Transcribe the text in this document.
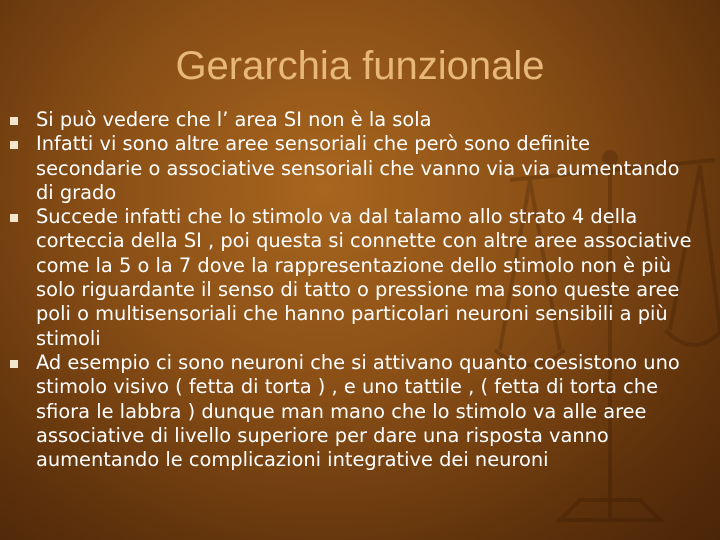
Gerarchia funzionale
Si può vedere che l’ area SI non è la sola
Infatti vi sono altre aree sensoriali che però sono definite secondarie o associative sensoriali che vanno via via aumentando di grado
Succede infatti che lo stimolo va dal talamo allo strato 4 della corteccia della SI , poi questa si connette con altre aree associative come la 5 o la 7 dove la rappresentazione dello stimolo non è più solo riguardante il senso di tatto o pressione ma sono queste aree poli o multisensoriali che hanno particolari neuroni sensibili a più stimoli
Ad esempio ci sono neuroni che si attivano quanto coesistono uno stimolo visivo ( fetta di torta ) , e uno tattile , ( fetta di torta che sfiora le labbra ) dunque man mano che lo stimolo va alle aree associative di livello superiore per dare una risposta vanno aumentando le complicazioni integrative dei neuroni
